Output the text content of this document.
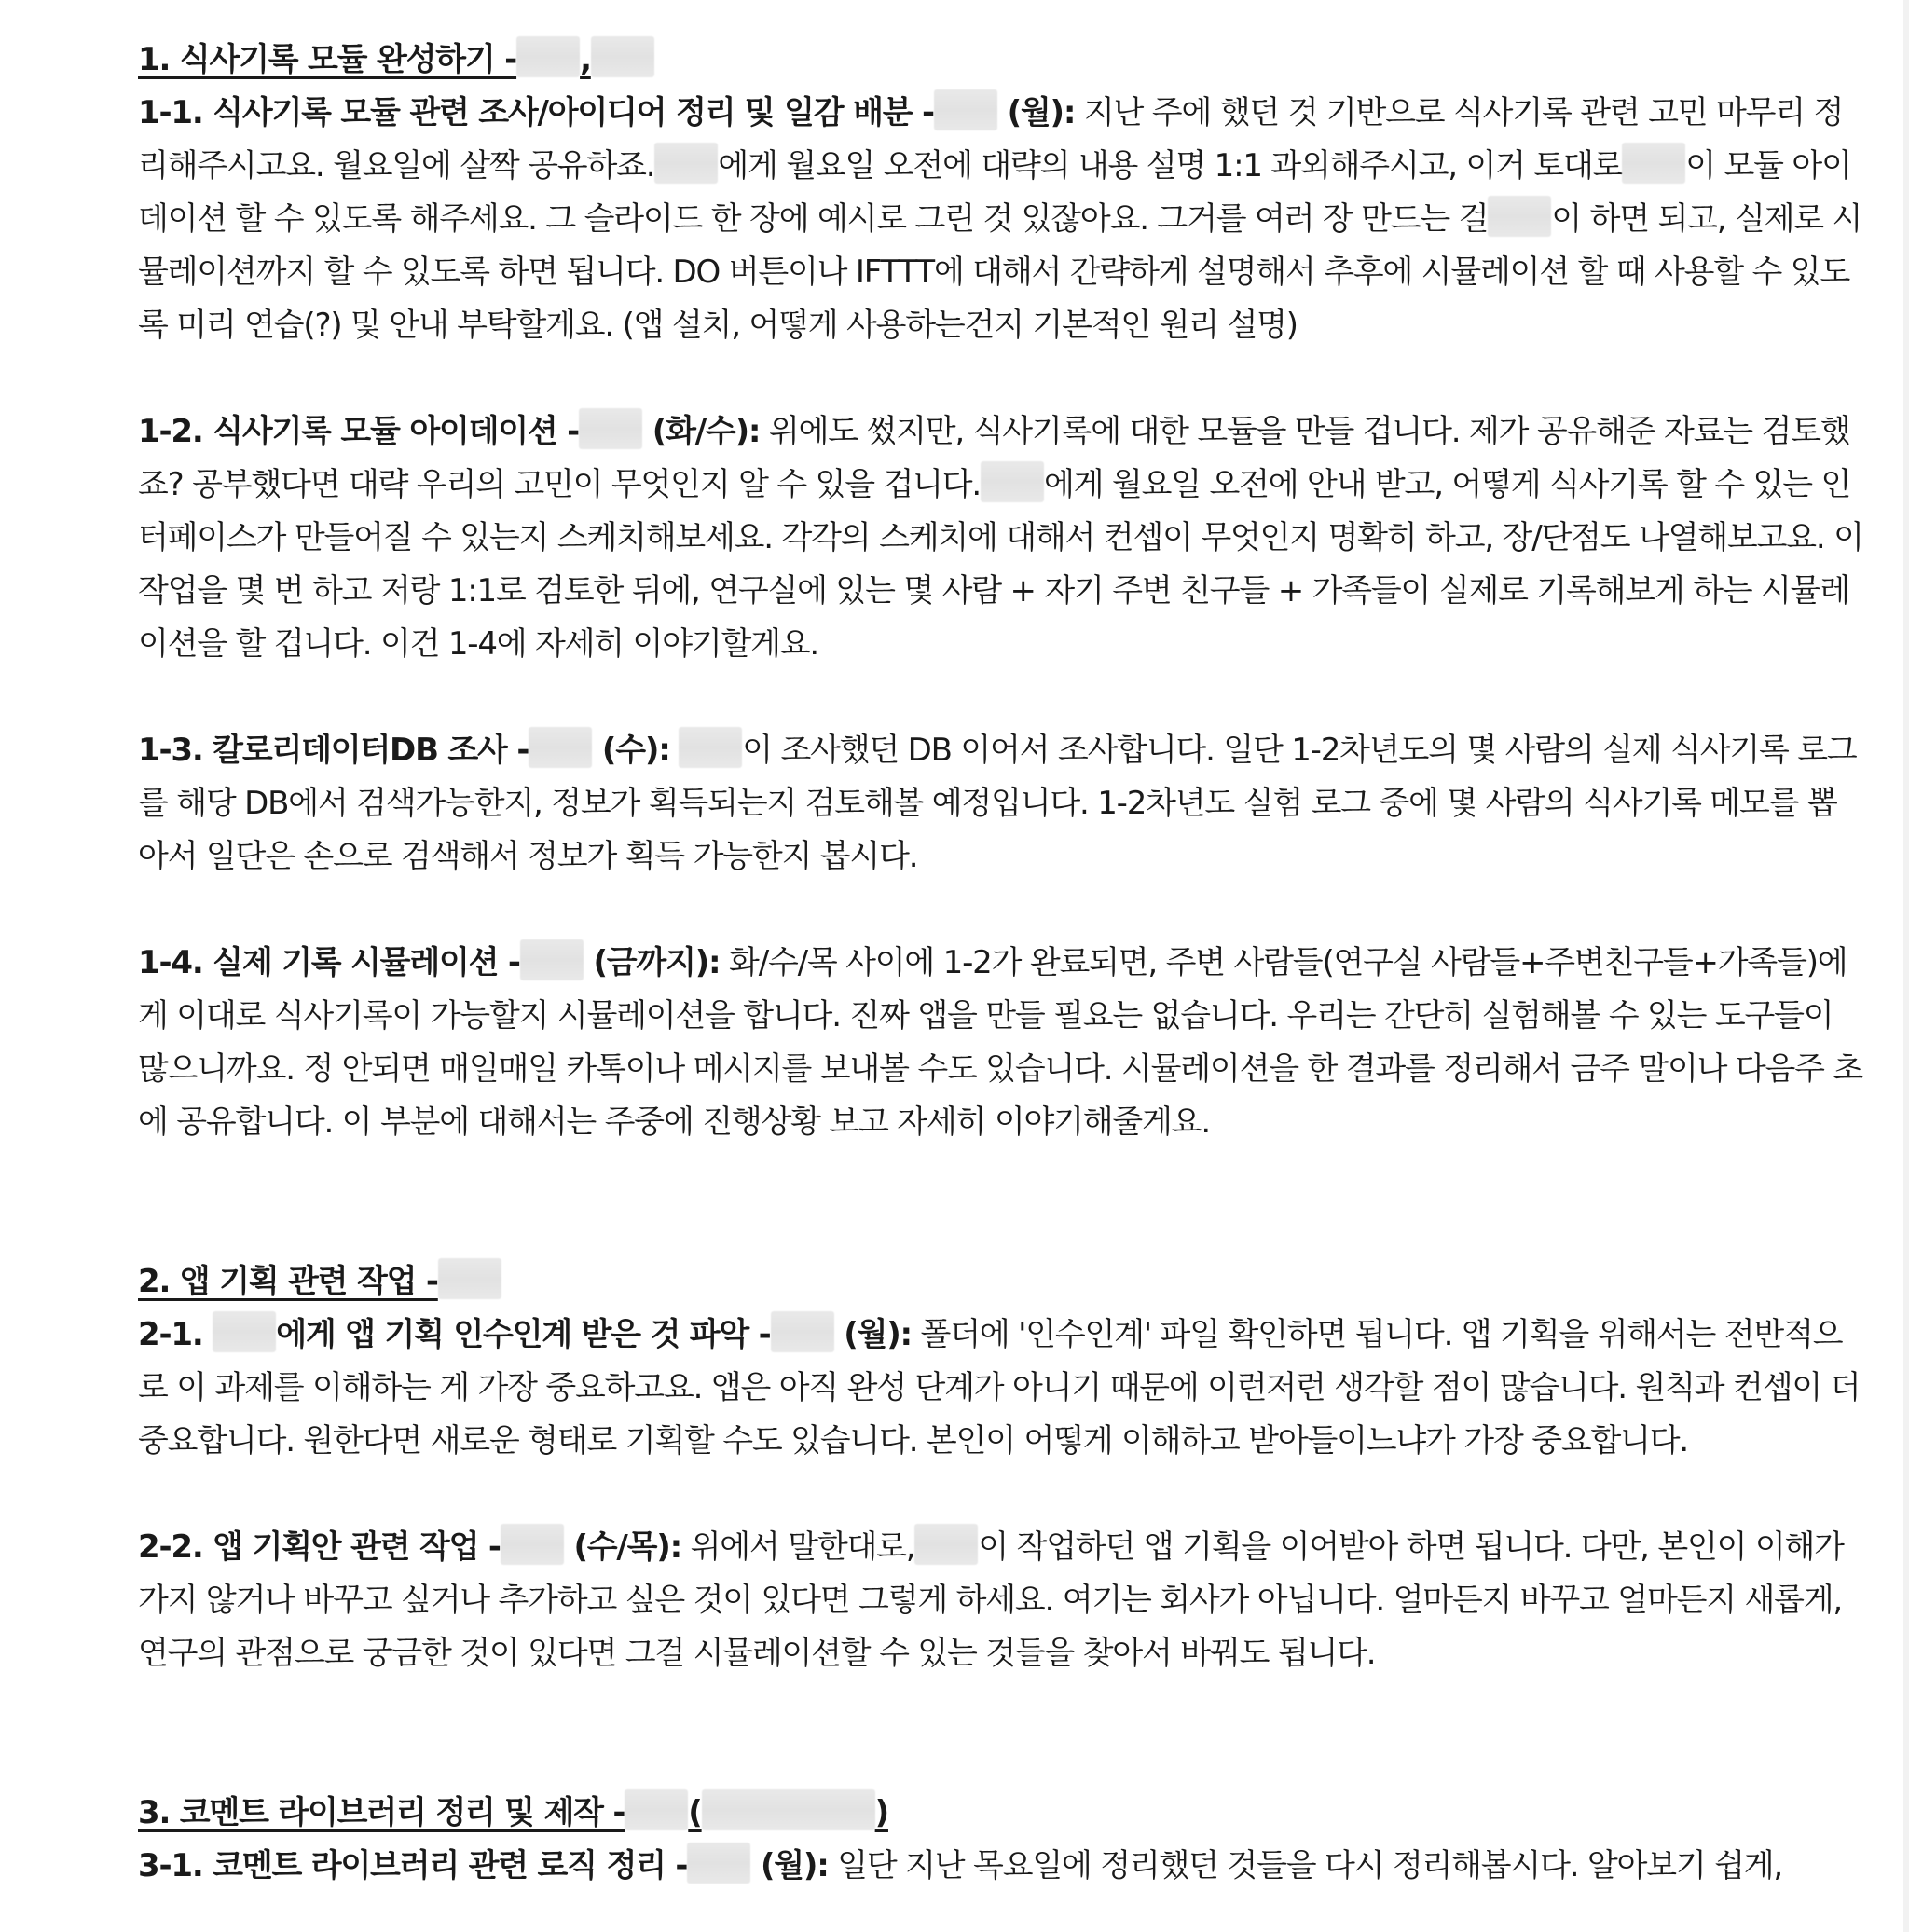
1. 식사기록 모듈 완성하기 - ,

1-1. 식사기록 모듈 관련 조사/아이디어 정리 및 일감 배분 - (월): 지난 주에 했던 것 기반으로 식사기록 관련 고민 마무리 정리해주시고요. 월요일에 살짝 공유하죠. 에게 월요일 오전에 대략의 내용 설명 1:1 과외해주시고, 이거 토대로 이 모듈 아이데이션 할 수 있도록 해주세요. 그 슬라이드 한 장에 예시로 그린 것 있잖아요. 그거를 여러 장 만드는 걸 이 하면 되고, 실제로 시뮬레이션까지 할 수 있도록 하면 됩니다. DO 버튼이나 IFTTT에 대해서 간략하게 설명해서 추후에 시뮬레이션 할 때 사용할 수 있도록 미리 연습(?) 및 안내 부탁할게요. (앱 설치, 어떻게 사용하는건지 기본적인 원리 설명)

1-2. 식사기록 모듈 아이데이션 - (화/수): 위에도 썼지만, 식사기록에 대한 모듈을 만들 겁니다. 제가 공유해준 자료는 검토했죠? 공부했다면 대략 우리의 고민이 무엇인지 알 수 있을 겁니다. 에게 월요일 오전에 안내 받고, 어떻게 식사기록 할 수 있는 인터페이스가 만들어질 수 있는지 스케치해보세요. 각각의 스케치에 대해서 컨셉이 무엇인지 명확히 하고, 장/단점도 나열해보고요. 이 작업을 몇 번 하고 저랑 1:1로 검토한 뒤에, 연구실에 있는 몇 사람 + 자기 주변 친구들 + 가족들이 실제로 기록해보게 하는 시뮬레이션을 할 겁니다. 이건 1-4에 자세히 이야기할게요.

1-3. 칼로리데이터DB 조사 - (수): 이 조사했던 DB 이어서 조사합니다. 일단 1-2차년도의 몇 사람의 실제 식사기록 로그를 해당 DB에서 검색가능한지, 정보가 획득되는지 검토해볼 예정입니다. 1-2차년도 실험 로그 중에 몇 사람의 식사기록 메모를 뽑아서 일단은 손으로 검색해서 정보가 획득 가능한지 봅시다.

1-4. 실제 기록 시뮬레이션 - (금까지): 화/수/목 사이에 1-2가 완료되면, 주변 사람들(연구실 사람들+주변친구들+가족들)에게 이대로 식사기록이 가능할지 시뮬레이션을 합니다. 진짜 앱을 만들 필요는 없습니다. 우리는 간단히 실험해볼 수 있는 도구들이 많으니까요. 정 안되면 매일매일 카톡이나 메시지를 보내볼 수도 있습니다. 시뮬레이션을 한 결과를 정리해서 금주 말이나 다음주 초에 공유합니다. 이 부분에 대해서는 주중에 진행상황 보고 자세히 이야기해줄게요.

2. 앱 기획 관련 작업 -

2-1. 에게 앱 기획 인수인계 받은 것 파악 - (월): 폴더에 '인수인계' 파일 확인하면 됩니다. 앱 기획을 위해서는 전반적으로 이 과제를 이해하는 게 가장 중요하고요. 앱은 아직 완성 단계가 아니기 때문에 이런저런 생각할 점이 많습니다. 원칙과 컨셉이 더 중요합니다. 원한다면 새로운 형태로 기획할 수도 있습니다. 본인이 어떻게 이해하고 받아들이느냐가 가장 중요합니다.

2-2. 앱 기획안 관련 작업 - (수/목): 위에서 말한대로, 이 작업하던 앱 기획을 이어받아 하면 됩니다. 다만, 본인이 이해가 가지 않거나 바꾸고 싶거나 추가하고 싶은 것이 있다면 그렇게 하세요. 여기는 회사가 아닙니다. 얼마든지 바꾸고 얼마든지 새롭게, 연구의 관점으로 궁금한 것이 있다면 그걸 시뮬레이션할 수 있는 것들을 찾아서 바꿔도 됩니다.

3. 코멘트 라이브러리 정리 및 제작 - (	)

3-1. 코멘트 라이브러리 관련 로직 정리 - (월): 일단 지난 목요일에 정리했던 것들을 다시 정리해봅시다. 알아보기 쉽게,
